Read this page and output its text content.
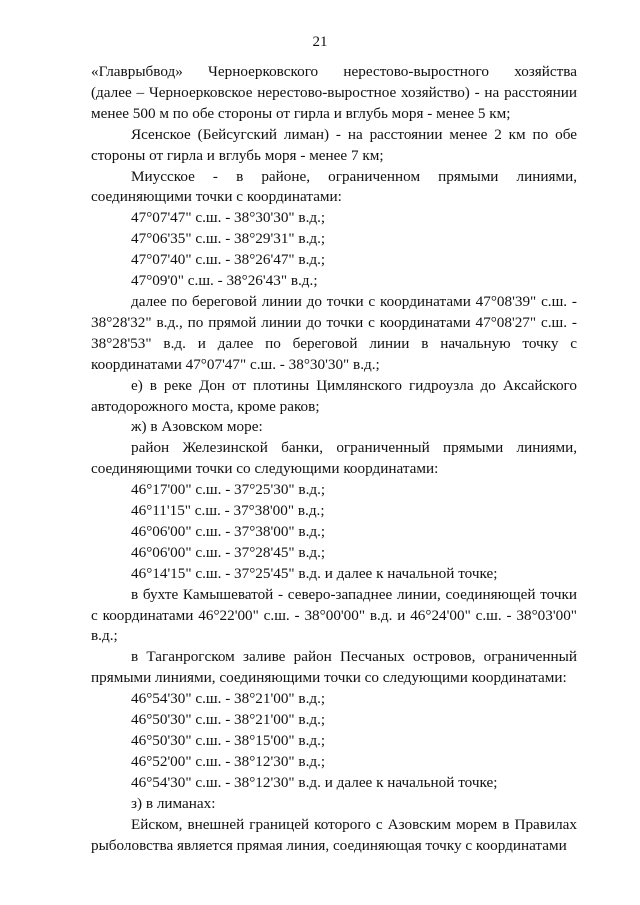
21
«Главрыбвод» Черноерковского нерестово-выростного хозяйства

(далее – Черноерковское нерестово-выростное хозяйство) - на расстоянии менее 500 м по обе стороны от гирла и вглубь моря - менее 5 км;

Ясенское (Бейсугский лиман) - на расстоянии менее 2 км по обе стороны от гирла и вглубь моря - менее 7 км;

Миусское - в районе, ограниченном прямыми линиями,

соединяющими точки с координатами:

47°07'47" с.ш. - 38°30'30" в.д.;

47°06'35" с.ш. - 38°29'31" в.д.;

47°07'40" с.ш. - 38°26'47" в.д.;

47°09'0" с.ш. - 38°26'43" в.д.;

далее по береговой линии до точки с координатами 47°08'39" с.ш. - 38°28'32" в.д., по прямой линии до точки с координатами 47°08'27" с.ш. - 38°28'53" в.д. и далее по береговой линии в начальную точку с координатами 47°07'47" с.ш. - 38°30'30" в.д.;

е) в реке Дон от плотины Цимлянского гидроузла до Аксайского автодорожного моста, кроме раков;

ж) в Азовском море:

район Железинской банки, ограниченный прямыми линиями, соединяющими точки со следующими координатами:

46°17'00" с.ш. - 37°25'30" в.д.;

46°11'15" с.ш. - 37°38'00" в.д.;

46°06'00" с.ш. - 37°38'00" в.д.;

46°06'00" с.ш. - 37°28'45" в.д.;

46°14'15" с.ш. - 37°25'45" в.д. и далее к начальной точке;

в бухте Камышеватой - северо-западнее линии, соединяющей точки с координатами 46°22'00" с.ш. - 38°00'00" в.д. и 46°24'00" с.ш. - 38°03'00" в.д.;

в Таганрогском заливе район Песчаных островов, ограниченный прямыми линиями, соединяющими точки со следующими координатами:

46°54'30" с.ш. - 38°21'00" в.д.;

46°50'30" с.ш. - 38°21'00" в.д.;

46°50'30" с.ш. - 38°15'00" в.д.;

46°52'00" с.ш. - 38°12'30" в.д.;

46°54'30" с.ш. - 38°12'30" в.д. и далее к начальной точке;

з) в лиманах:

Ейском, внешней границей которого с Азовским морем в Правилах рыболовства является прямая линия, соединяющая точку с координатами
